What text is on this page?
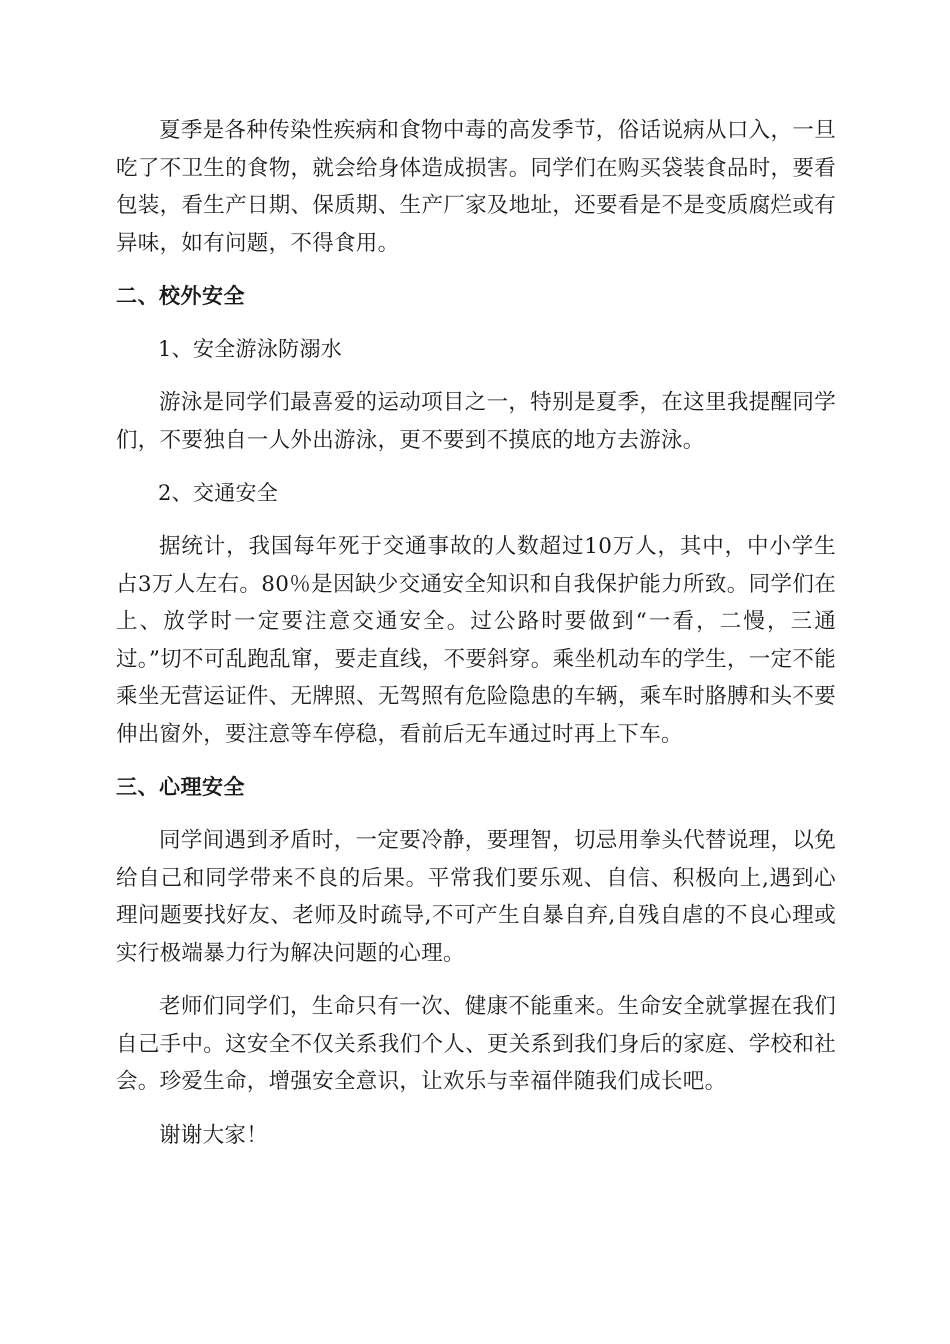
夏季是各种传染性疾病和食物中毒的高发季节，俗话说病从口入，一旦吃了不卫生的食物，就会给身体造成损害。同学们在购买袋装食品时，要看包装，看生产日期、保质期、生产厂家及地址，还要看是不是变质腐烂或有异味，如有问题，不得食用。

二、校外安全
1、安全游泳防溺水

游泳是同学们最喜爱的运动项目之一，特别是夏季，在这里我提醒同学们，不要独自一人外出游泳，更不要到不摸底的地方去游泳。

2、交通安全

据统计，我国每年死于交通事故的人数超过10万人，其中，中小学生占3万人左右。80％是因缺少交通安全知识和自我保护能力所致。同学们在上、放学时一定要注意交通安全。过公路时要做到“一看，二慢，三通过。”切不可乱跑乱窜，要走直线，不要斜穿。乘坐机动车的学生，一定不能乘坐无营运证件、无牌照、无驾照有危险隐患的车辆，乘车时胳膊和头不要伸出窗外，要注意等车停稳，看前后无车通过时再上下车。

三、心理安全

同学间遇到矛盾时，一定要冷静，要理智，切忌用拳头代替说理，以免给自己和同学带来不良的后果。平常我们要乐观、自信、积极向上,遇到心理问题要找好友、老师及时疏导,不可产生自暴自弃,自残自虐的不良心理或实行极端暴力行为解决问题的心理。

老师们同学们，生命只有一次、健康不能重来。生命安全就掌握在我们自己手中。这安全不仅关系我们个人、更关系到我们身后的家庭、学校和社会。珍爱生命，增强安全意识，让欢乐与幸福伴随我们成长吧。

谢谢大家！
